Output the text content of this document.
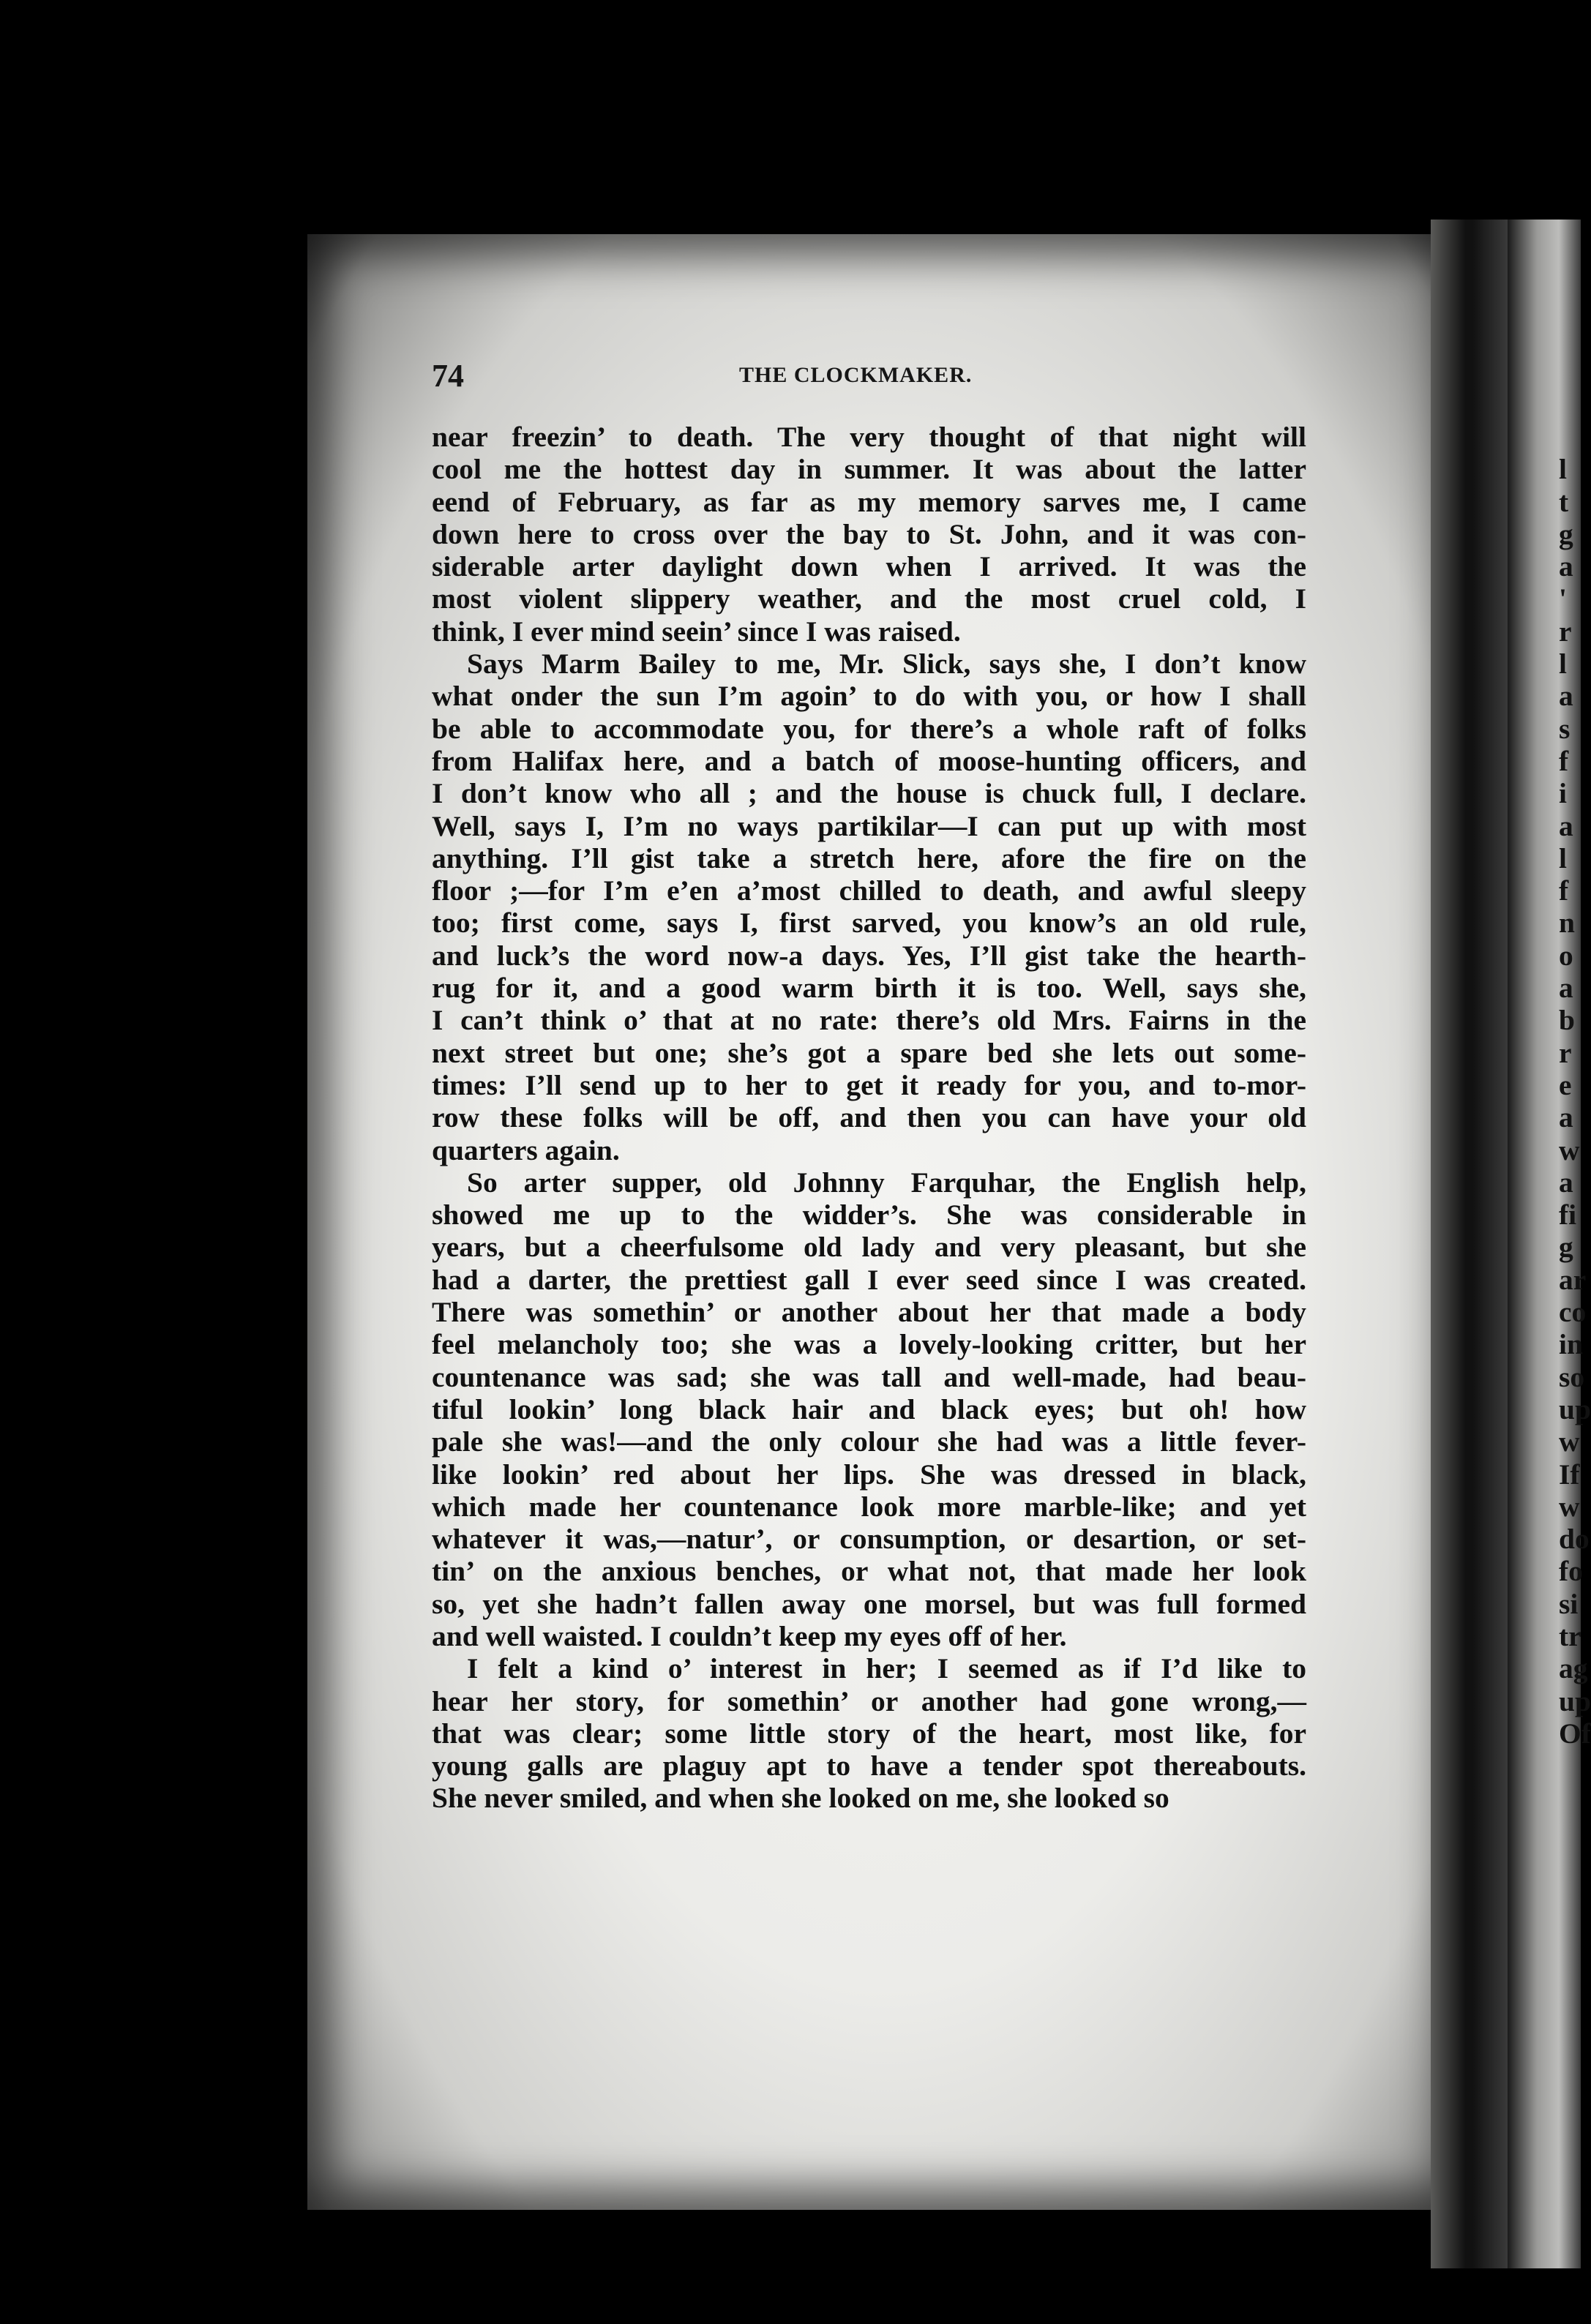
74	THE CLOCKMAKER.
near freezin’ to death. The very thought of that night will
cool me the hottest day in summer. It was about the latter
eend of February, as far as my memory sarves me, I came
down here to cross over the bay to St. John, and it was con-
siderable arter daylight down when I arrived. It was the
most violent slippery weather, and the most cruel cold, I
think, I ever mind seein’ since I was raised.
Says Marm Bailey to me, Mr. Slick, says she, I don’t know
what onder the sun I’m agoin’ to do with you, or how I shall
be able to accommodate you, for there’s a whole raft of folks
from Halifax here, and a batch of moose-hunting officers, and
I don’t know who all ; and the house is chuck full, I declare.
Well, says I, I’m no ways partikilar—I can put up with most
anything. I’ll gist take a stretch here, afore the fire on the
floor ;—for I’m e’en a’most chilled to death, and awful sleepy
too; first come, says I, first sarved, you know’s an old rule,
and luck’s the word now-a days. Yes, I’ll gist take the hearth-
rug for it, and a good warm birth it is too. Well, says she,
I can’t think o’ that at no rate: there’s old Mrs. Fairns in the
next street but one; she’s got a spare bed she lets out some-
times: I’ll send up to her to get it ready for you, and to-mor-
row these folks will be off, and then you can have your old
quarters again.
So arter supper, old Johnny Farquhar, the English help,
showed me up to the widder’s. She was considerable in
years, but a cheerfulsome old lady and very pleasant, but she
had a darter, the prettiest gall I ever seed since I was created.
There was somethin’ or another about her that made a body
feel melancholy too; she was a lovely-looking critter, but her
countenance was sad; she was tall and well-made, had beau-
tiful lookin’ long black hair and black eyes; but oh! how
pale she was!—and the only colour she had was a little fever-
like lookin’ red about her lips. She was dressed in black,
which made her countenance look more marble-like; and yet
whatever it was,—natur’, or consumption, or desartion, or set-
tin’ on the anxious benches, or what not, that made her look
so, yet she hadn’t fallen away one morsel, but was full formed
and well waisted. I couldn’t keep my eyes off of her.
I felt a kind o’ interest in her; I seemed as if I’d like to
hear her story, for somethin’ or another had gone wrong,—
that was clear; some little story of the heart, most like, for
young galls are plaguy apt to have a tender spot thereabouts.
She never smiled, and when she looked on me, she looked so
l
t
g
a
'
r
l
a
s
f
i
a
l
f
n
o
a
b
r
e
a
w
a
fi
g
ar
co
in
so
up
w
If
w
do
fo
si
tr
ag
up
Of
